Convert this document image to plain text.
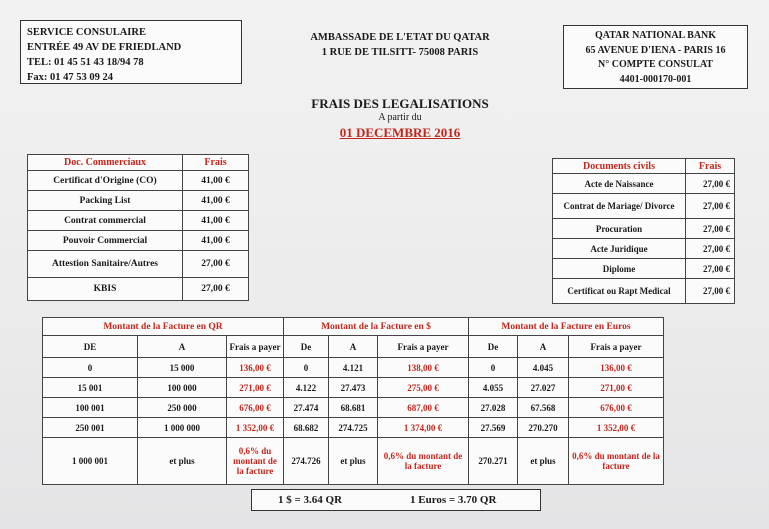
SERVICE CONSULAIRE
ENTRÉE 49 AV DE FRIEDLAND
TEL: 01 45 51 43 18/94 78
Fax: 01 47 53 09 24
AMBASSADE DE L'ETAT DU QATAR
1 RUE DE TILSITT- 75008 PARIS
QATAR NATIONAL BANK
65 AVENUE D'IENA - PARIS 16
N° COMPTE CONSULAT
4401-000170-001
FRAIS DES LEGALISATIONS
A partir du
01 DECEMBRE 2016
Doc. Commerciaux	Frais
Certificat d'Origine (CO)	41,00 €
Packing List	41,00 €
Contrat commercial	41,00 €
Pouvoir Commercial	41,00 €
Attestion Sanitaire/Autres	27,00 €
KBIS	27,00 €
Documents civils	Frais
Acte de Naissance	27,00 €
Contrat de Mariage/ Divorce	27,00 €
Procuration	27,00 €
Acte Juridique	27,00 €
Diplome	27,00 €
Certificat ou Rapt Medical	27,00 €
Montant de la Facture en QR			Montant de la Facture en $			Montant de la Facture en Euros		
DE	A	Frais a payer	De	A	Frais a payer	De	A	Frais a payer
0	15 000	136,00 €	0	4.121	138,00 €	0	4.045	136,00 €
15 001	100 000	271,00 €	4.122	27.473	275,00 €	4.055	27.027	271,00 €
100 001	250 000	676,00 €	27.474	68.681	687,00 €	27.028	67.568	676,00 €
250 001	1 000 000	1 352,00 €	68.682	274.725	1 374,00 €	27.569	270.270	1 352,00 €
1 000 001	et plus	0,6% du montant de la facture	274.726	et plus	0,6% du montant de la facture	270.271	et plus	0,6% du montant de la facture
1 $ = 3.64 QR	1 Euros = 3.70 QR
